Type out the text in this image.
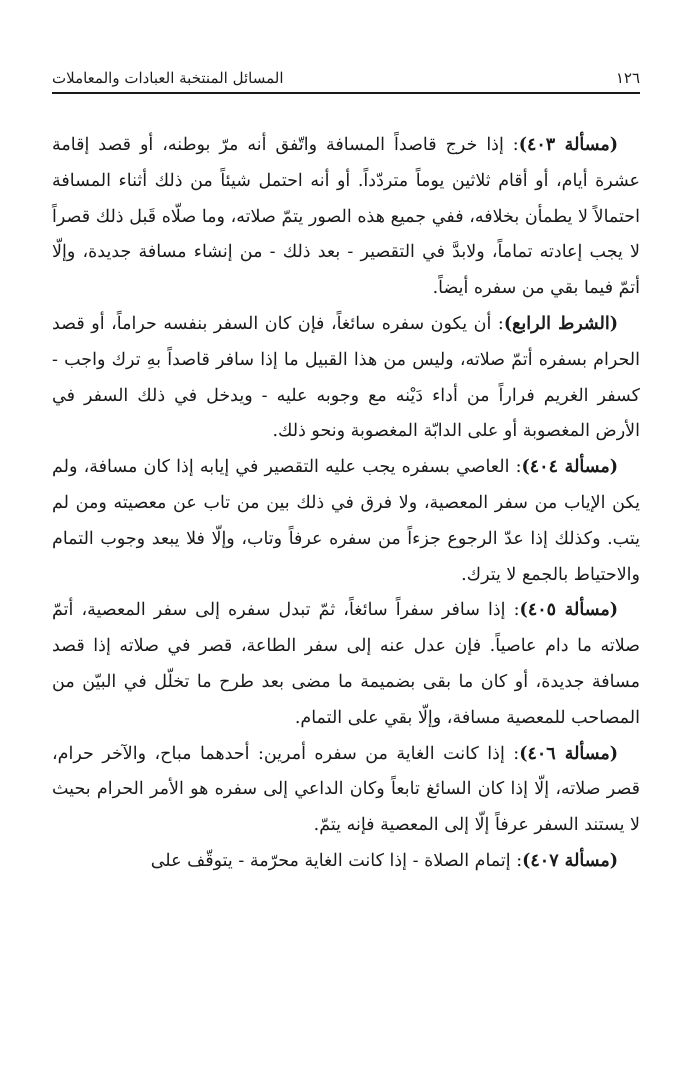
١٢٦
المسائل المنتخبة العبادات والمعاملات

(مسألة ٤٠٣): إذا خرج قاصداً المسافة واتّفق أنه مرّ بوطنه، أو قصد إقامة عشرة أيام، أو أقام ثلاثين يوماً متردّداً. أو أنه احتمل شيئاً من ذلك أثناء المسافة احتمالاً لا يطمأن بخلافه، ففي جميع هذه الصور يتمّ صلاته، وما صلّاه قَبل ذلك قصراً لا يجب إعادته تماماً، ولابدَّ في التقصير - بعد ذلك - من إنشاء مسافة جديدة، وإلّا أتمّ فيما بقي من سفره أيضاً.

(الشرط الرابع): أن يكون سفره سائغاً، فإن كان السفر بنفسه حراماً، أو قصد الحرام بسفره أتمّ صلاته، وليس من هذا القبيل ما إذا سافر قاصداً بهِ ترك واجب - كسفر الغريم فراراً من أداء دَيْنه مع وجوبه عليه - ويدخل في ذلك السفر في الأرض المغصوبة أو على الدابّة المغصوبة ونحو ذلك.

(مسألة ٤٠٤): العاصي بسفره يجب عليه التقصير في إيابه إذا كان مسافة، ولم يكن الإياب من سفر المعصية، ولا فرق في ذلك بين من تاب عن معصيته ومن لم يتب. وكذلك إذا عدّ الرجوع جزءاً من سفره عرفاً وتاب، وإلّا فلا يبعد وجوب التمام والاحتياط بالجمع لا يترك.

(مسألة ٤٠٥): إذا سافر سفراً سائغاً، ثمّ تبدل سفره إلى سفر المعصية، أتمّ صلاته ما دام عاصياً. فإن عدل عنه إلى سفر الطاعة، قصر في صلاته إذا قصد مسافة جديدة، أو كان ما بقى بضميمة ما مضى بعد طرح ما تخلّل في البيّن من المصاحب للمعصية مسافة، وإلّا بقي على التمام.

(مسألة ٤٠٦): إذا كانت الغاية من سفره أمرين: أحدهما مباح، والآخر حرام، قصر صلاته، إلّا إذا كان السائغ تابعاً وكان الداعي إلى سفره هو الأمر الحرام بحيث لا يستند السفر عرفاً إلّا إلى المعصية فإنه يتمّ.

(مسألة ٤٠٧): إتمام الصلاة - إذا كانت الغاية محرّمة - يتوقّف على
